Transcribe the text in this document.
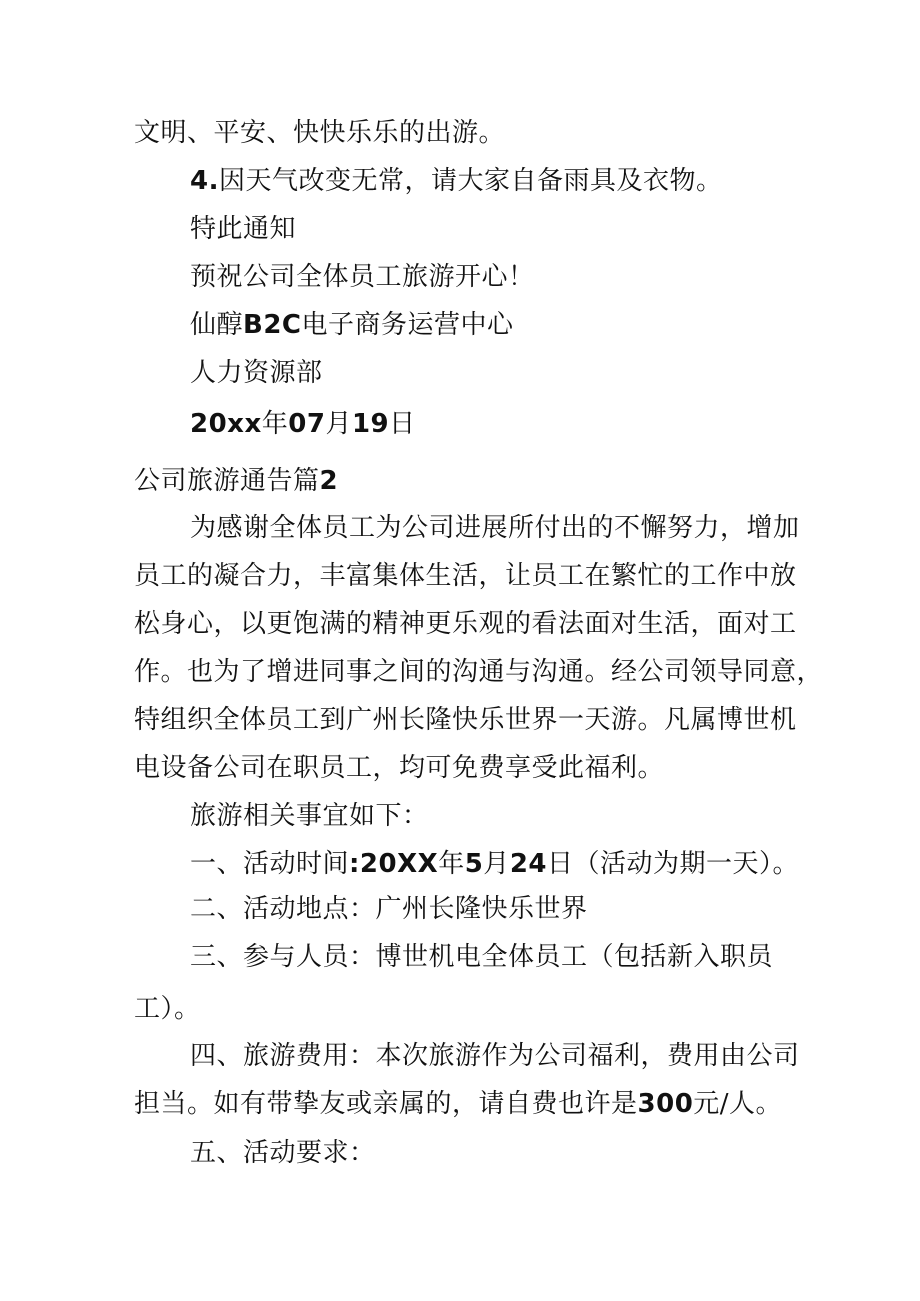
文明、平安、快快乐乐的出游。
4.因天气改变无常，请大家自备雨具及衣物。
特此通知
预祝公司全体员工旅游开心！
仙醇B2C电子商务运营中心
人力资源部
20xx年07月19日
公司旅游通告篇2
为感谢全体员工为公司进展所付出的不懈努力，增加
员工的凝合力，丰富集体生活，让员工在繁忙的工作中放
松身心，以更饱满的精神更乐观的看法面对生活，面对工
作。也为了增进同事之间的沟通与沟通。经公司领导同意，
特组织全体员工到广州长隆快乐世界一天游。凡属博世机
电设备公司在职员工，均可免费享受此福利。
旅游相关事宜如下：
一、活动时间:20XX年5月24日（活动为期一天）。
二、活动地点：广州长隆快乐世界
三、参与人员：博世机电全体员工（包括新入职员
工）。
四、旅游费用：本次旅游作为公司福利，费用由公司
担当。如有带挚友或亲属的，请自费也许是300元/人。
五、活动要求：
